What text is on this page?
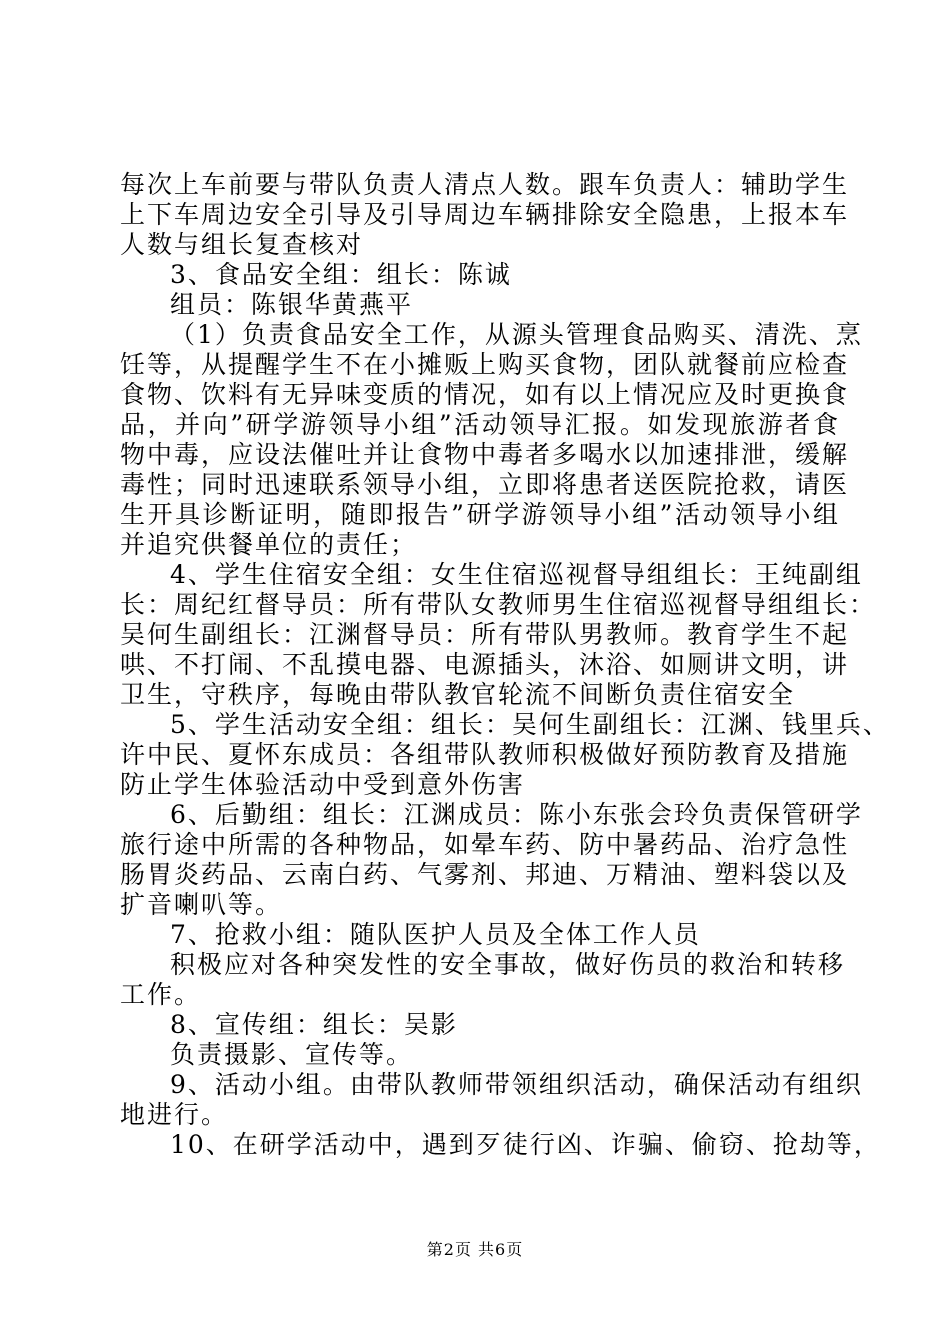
每次上车前要与带队负责人清点人数。跟车负责人：辅助学生
上下车周边安全引导及引导周边车辆排除安全隐患，上报本车
人数与组长复查核对
3、食品安全组：组长：陈诚
组员：陈银华黄燕平
（1）负责食品安全工作，从源头管理食品购买、清洗、烹
饪等，从提醒学生不在小摊贩上购买食物，团队就餐前应检查
食物、饮料有无异味变质的情况，如有以上情况应及时更换食
品，并向”研学游领导小组”活动领导汇报。如发现旅游者食
物中毒，应设法催吐并让食物中毒者多喝水以加速排泄，缓解
毒性；同时迅速联系领导小组，立即将患者送医院抢救，请医
生开具诊断证明，随即报告”研学游领导小组”活动领导小组
并追究供餐单位的责任；
4、学生住宿安全组：女生住宿巡视督导组组长：王纯副组
长：周纪红督导员：所有带队女教师男生住宿巡视督导组组长：
吴何生副组长：江渊督导员：所有带队男教师。教育学生不起
哄、不打闹、不乱摸电器、电源插头，沐浴、如厕讲文明，讲
卫生，守秩序，每晚由带队教官轮流不间断负责住宿安全
5、学生活动安全组：组长：吴何生副组长：江渊、钱里兵、
许中民、夏怀东成员：各组带队教师积极做好预防教育及措施
防止学生体验活动中受到意外伤害
6、后勤组：组长：江渊成员：陈小东张会玲负责保管研学
旅行途中所需的各种物品，如晕车药、防中暑药品、治疗急性
肠胃炎药品、云南白药、气雾剂、邦迪、万精油、塑料袋以及
扩音喇叭等。
7、抢救小组：随队医护人员及全体工作人员
积极应对各种突发性的安全事故，做好伤员的救治和转移
工作。
8、宣传组：组长：吴影
负责摄影、宣传等。
9、活动小组。由带队教师带领组织活动，确保活动有组织
地进行。
10、在研学活动中，遇到歹徒行凶、诈骗、偷窃、抢劫等，
第2页 共6页
